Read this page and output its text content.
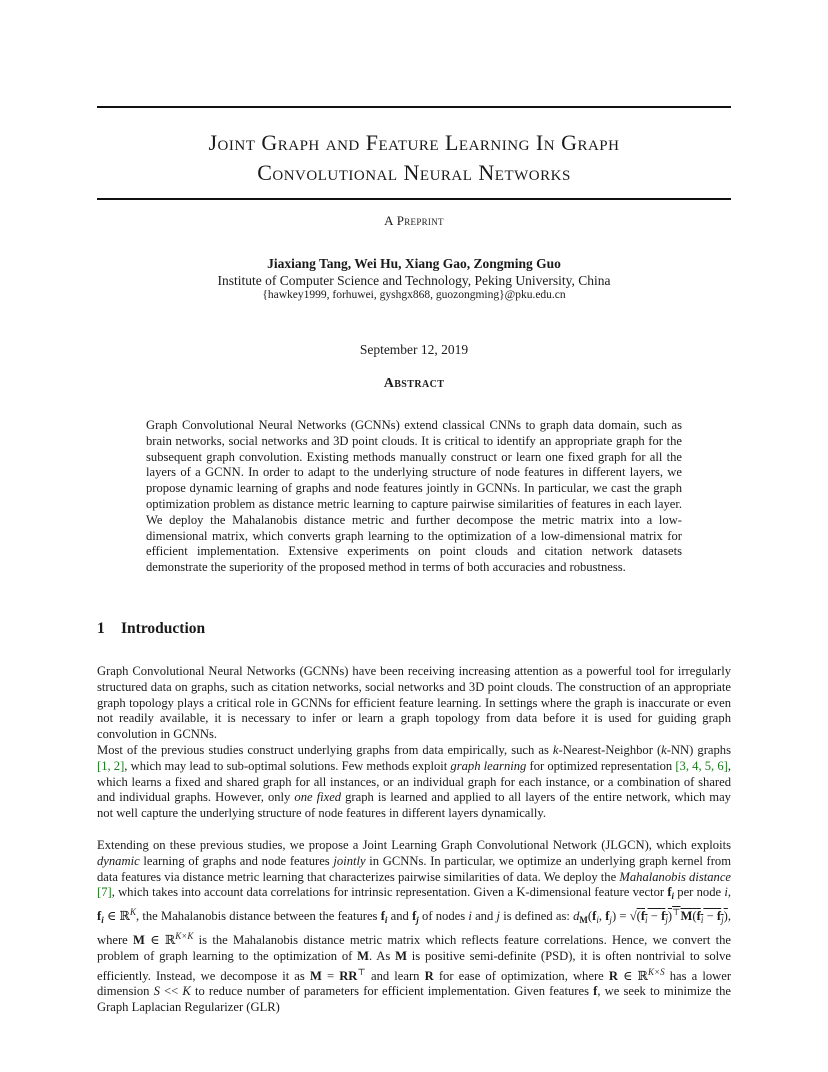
Joint Graph and Feature Learning In Graph
Convolutional Neural Networks
A Preprint
Jiaxiang Tang, Wei Hu, Xiang Gao, Zongming Guo
Institute of Computer Science and Technology, Peking University, China
{hawkey1999, forhuwei, gyshgx868, guozongming}@pku.edu.cn
September 12, 2019
Abstract
Graph Convolutional Neural Networks (GCNNs) extend classical CNNs to graph data domain, such as brain networks, social networks and 3D point clouds. It is critical to identify an appropriate graph for the subsequent graph convolution. Existing methods manually construct or learn one fixed graph for all the layers of a GCNN. In order to adapt to the underlying structure of node features in different layers, we propose dynamic learning of graphs and node features jointly in GCNNs. In particular, we cast the graph optimization problem as distance metric learning to capture pairwise similarities of features in each layer. We deploy the Mahalanobis distance metric and further decompose the metric matrix into a low-dimensional matrix, which converts graph learning to the optimization of a low-dimensional matrix for efficient implementation. Extensive experiments on point clouds and citation network datasets demonstrate the superiority of the proposed method in terms of both accuracies and robustness.
1 Introduction
Graph Convolutional Neural Networks (GCNNs) have been receiving increasing attention as a powerful tool for irregularly structured data on graphs, such as citation networks, social networks and 3D point clouds. The construction of an appropriate graph topology plays a critical role in GCNNs for efficient feature learning. In settings where the graph is inaccurate or even not readily available, it is necessary to infer or learn a graph topology from data before it is used for guiding graph convolution in GCNNs.
Most of the previous studies construct underlying graphs from data empirically, such as k-Nearest-Neighbor (k-NN) graphs [1, 2], which may lead to sub-optimal solutions. Few methods exploit graph learning for optimized representation [3, 4, 5, 6], which learns a fixed and shared graph for all instances, or an individual graph for each instance, or a combination of shared and individual graphs. However, only one fixed graph is learned and applied to all layers of the entire network, which may not well capture the underlying structure of node features in different layers dynamically.
Extending on these previous studies, we propose a Joint Learning Graph Convolutional Network (JLGCN), which exploits dynamic learning of graphs and node features jointly in GCNNs. In particular, we optimize an underlying graph kernel from data features via distance metric learning that characterizes pairwise similarities of data. We deploy the Mahalanobis distance [7], which takes into account data correlations for intrinsic representation. Given a K-dimensional feature vector $f_i$ per node i, $f_i$ ∈ ℝ$^K$, the Mahalanobis distance between the features $f_i$ and $f_j$ of nodes i and j is defined as: $d_M(f_i$, $f_j) = √(f_i - f_j)^⊤M(f_i - f_j)$, where M ∈ ℝ$^{K\times K}$ is the Mahalanobis distance metric matrix which reflects feature correlations. Hence, we convert the problem of graph learning to the optimization of M. As M is positive semi-definite (PSD), it is often nontrivial to solve efficiently. Instead, we decompose it as M = RR⊤ and learn R for ease of optimization, where R ∈ ℝ$^{K\times S}$ has a lower dimension S << K to reduce number of parameters for efficient implementation. Given features f, we seek to minimize the Graph Laplacian Regularizer (GLR)
